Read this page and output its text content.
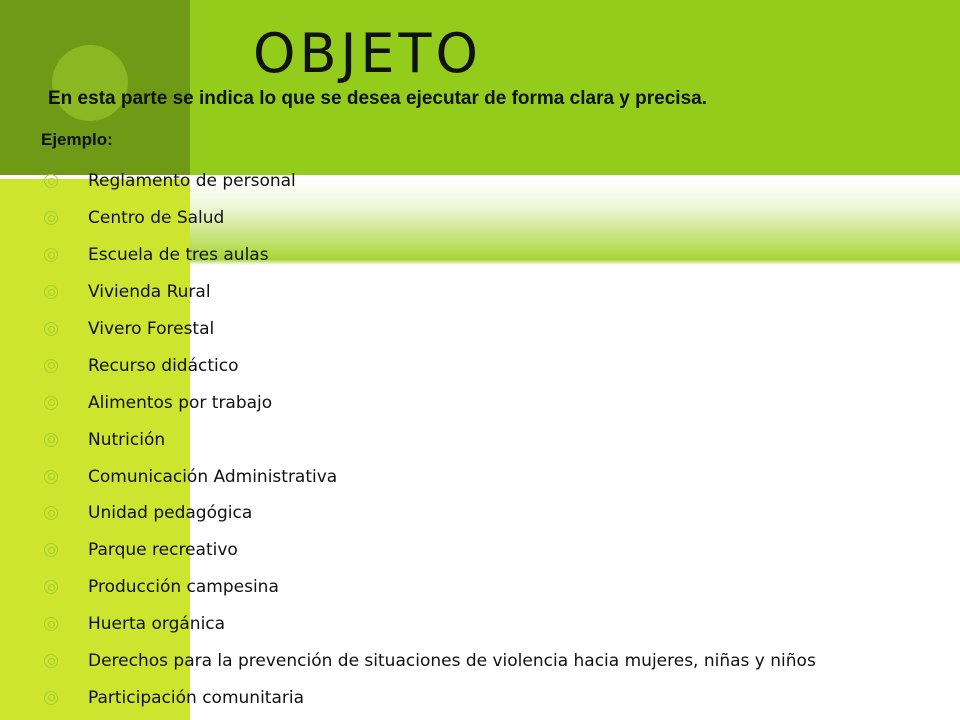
OBJETO
En esta parte se indica lo que se desea ejecutar de forma clara y precisa.
Ejemplo:
Reglamento de personal
Centro de Salud
Escuela de tres aulas
Vivienda Rural
Vivero Forestal
Recurso didáctico
Alimentos por trabajo
Nutrición
Comunicación Administrativa
Unidad pedagógica
Parque recreativo
Producción campesina
Huerta orgánica
Derechos para la prevención de situaciones de violencia hacia mujeres, niñas y niños
Participación comunitaria
